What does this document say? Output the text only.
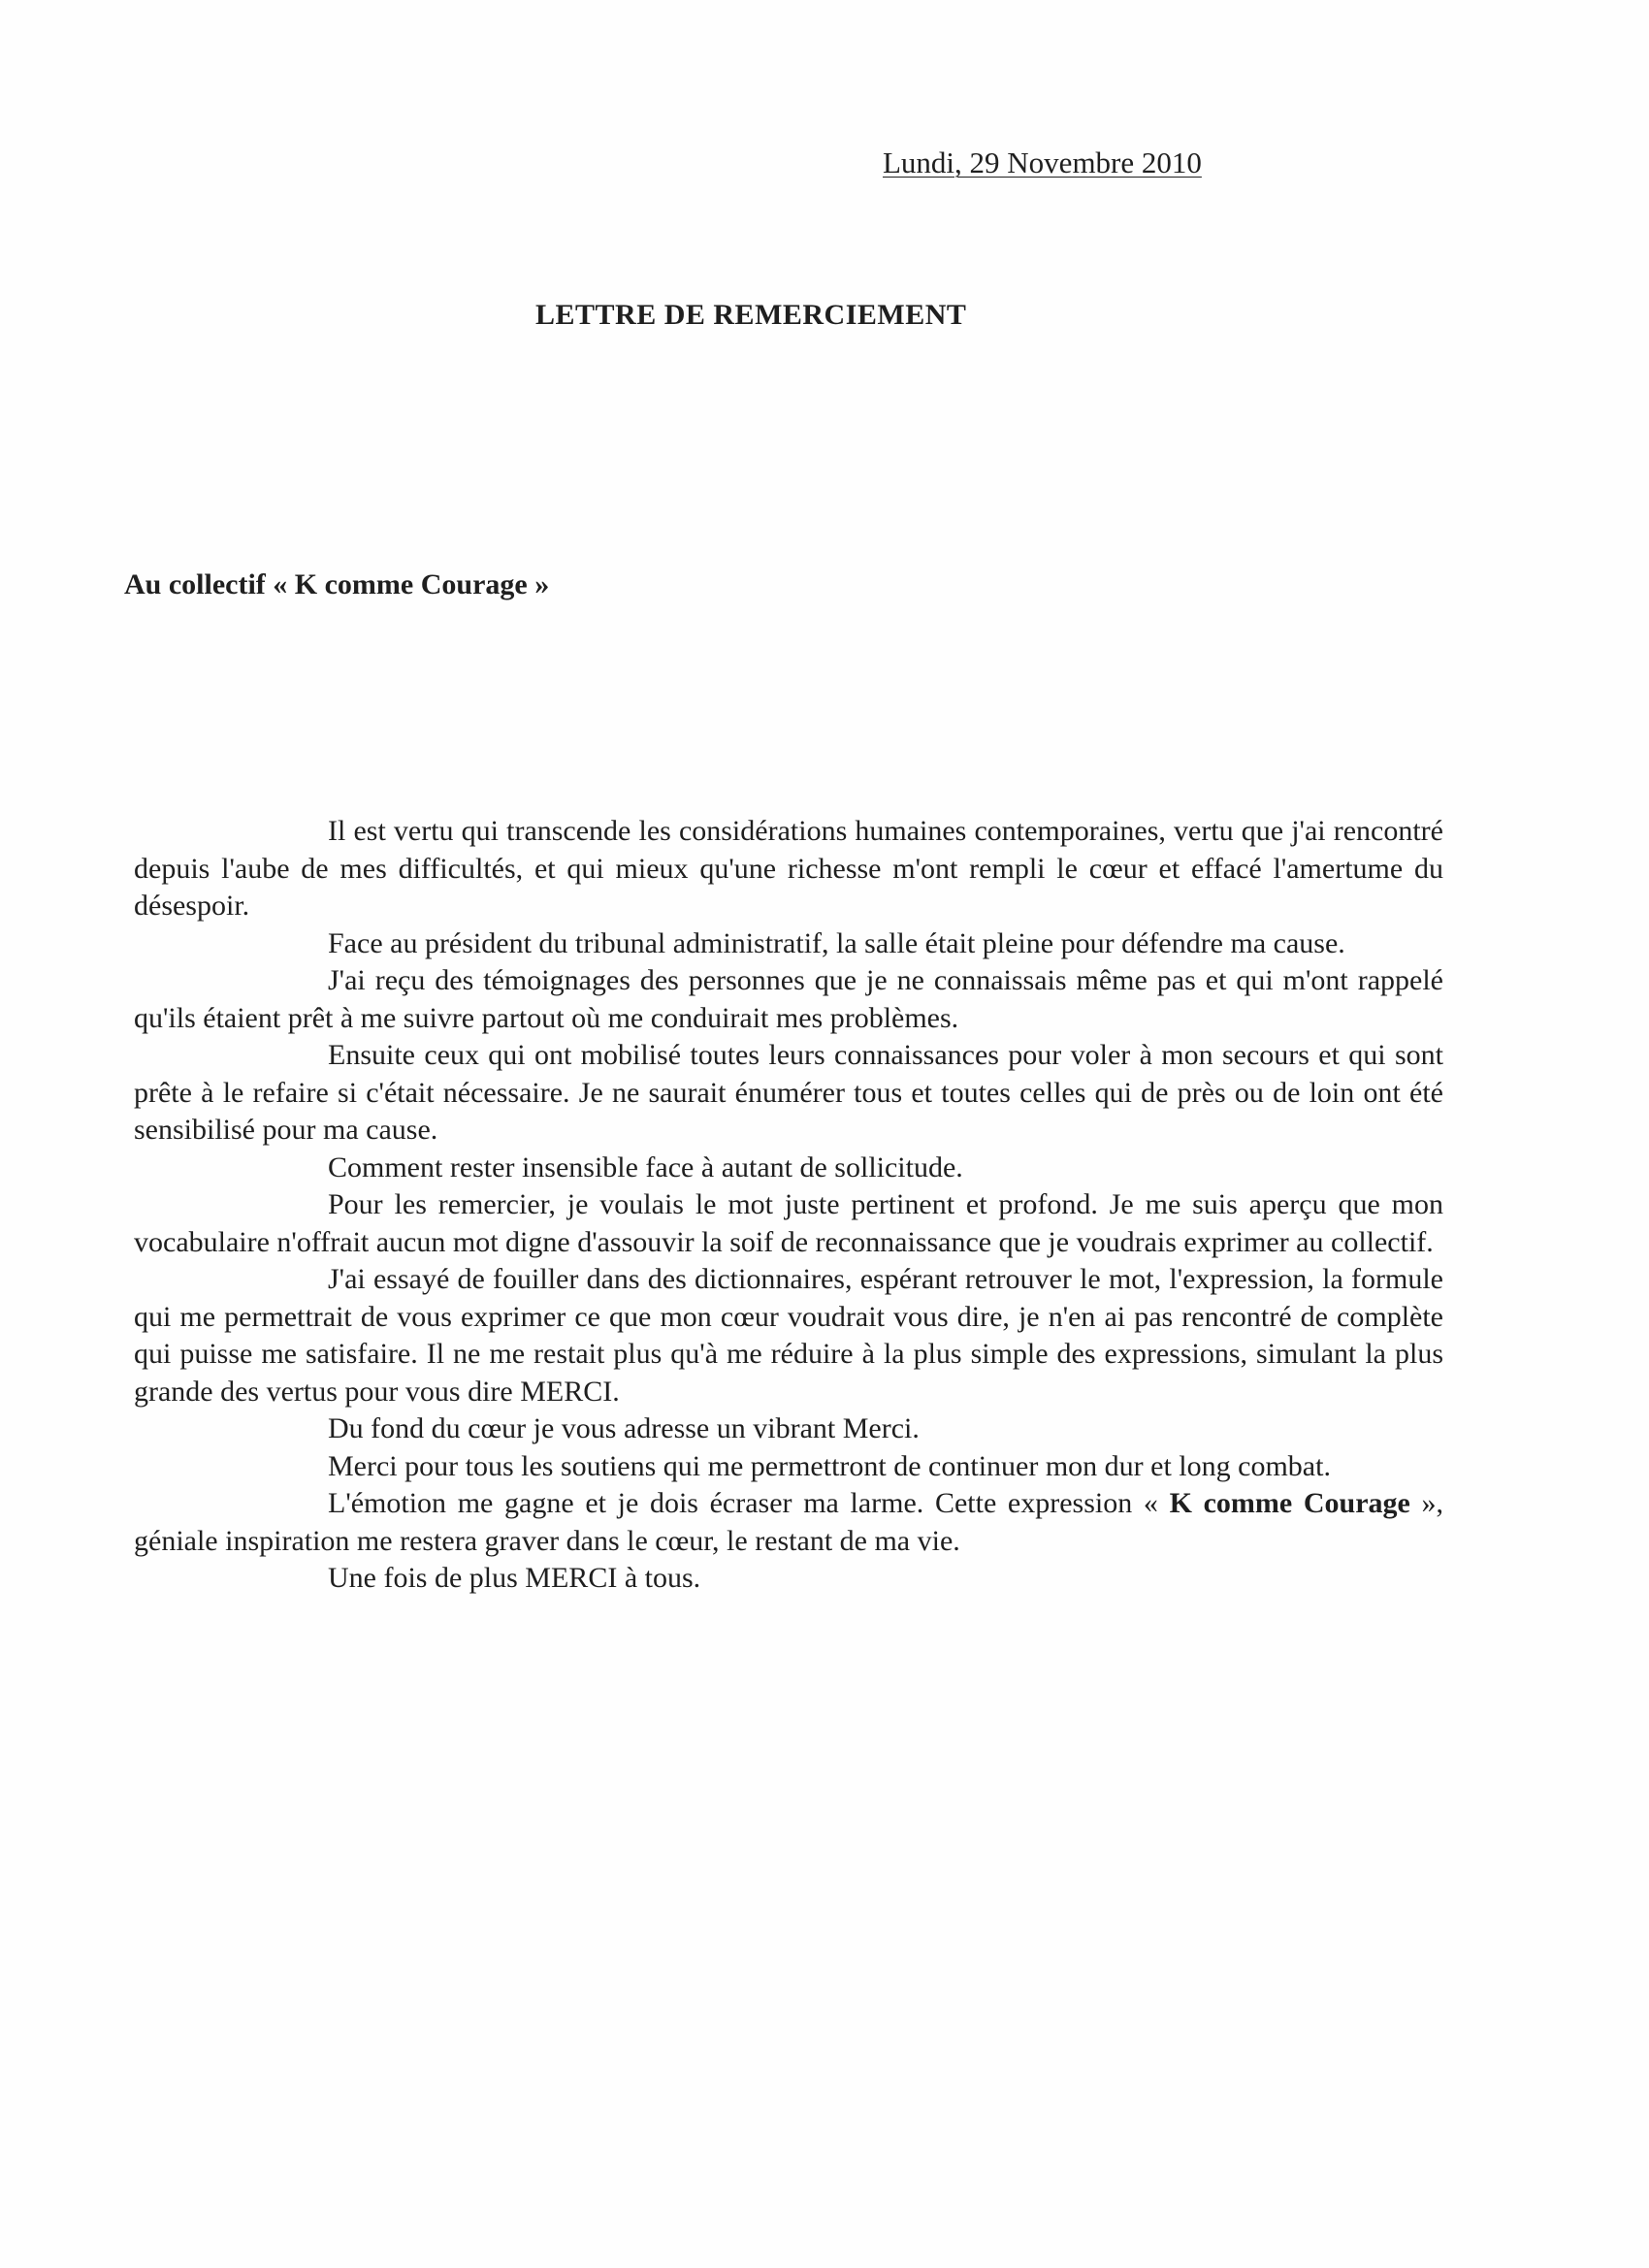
Lundi, 29 Novembre 2010
LETTRE DE REMERCIEMENT
Au collectif « K comme Courage »

Il est vertu qui transcende les considérations humaines contemporaines, vertu que j'ai rencontré depuis l'aube de mes difficultés, et qui mieux qu'une richesse m'ont rempli le cœur et effacé l'amertume du désespoir.

Face au président du tribunal administratif, la salle était pleine pour défendre ma cause.

J'ai reçu des témoignages des personnes que je ne connaissais même pas et qui m'ont rappelé qu'ils étaient prêt à me suivre partout où me conduirait mes problèmes.

Ensuite ceux qui ont mobilisé toutes leurs connaissances pour voler à mon secours et qui sont prête à le refaire si c'était nécessaire. Je ne saurait énumérer tous et toutes celles qui de près ou de loin ont été sensibilisé pour ma cause.

Comment rester insensible face à autant de sollicitude.

Pour les remercier, je voulais le mot juste pertinent et profond. Je me suis aperçu que mon vocabulaire n'offrait aucun mot digne d'assouvir la soif de reconnaissance que je voudrais exprimer au collectif.

J'ai essayé de fouiller dans des dictionnaires, espérant retrouver le mot, l'expression, la formule qui me permettrait de vous exprimer ce que mon cœur voudrait vous dire, je n'en ai pas rencontré de complète qui puisse me satisfaire. Il ne me restait plus qu'à me réduire à la plus simple des expressions, simulant la plus grande des vertus pour vous dire MERCI.

Du fond du cœur je vous adresse un vibrant Merci.

Merci pour tous les soutiens qui me permettront de continuer mon dur et long combat.

L'émotion me gagne et je dois écraser ma larme. Cette expression « K comme Courage », géniale inspiration me restera graver dans le cœur, le restant de ma vie.

Une fois de plus MERCI à tous.
